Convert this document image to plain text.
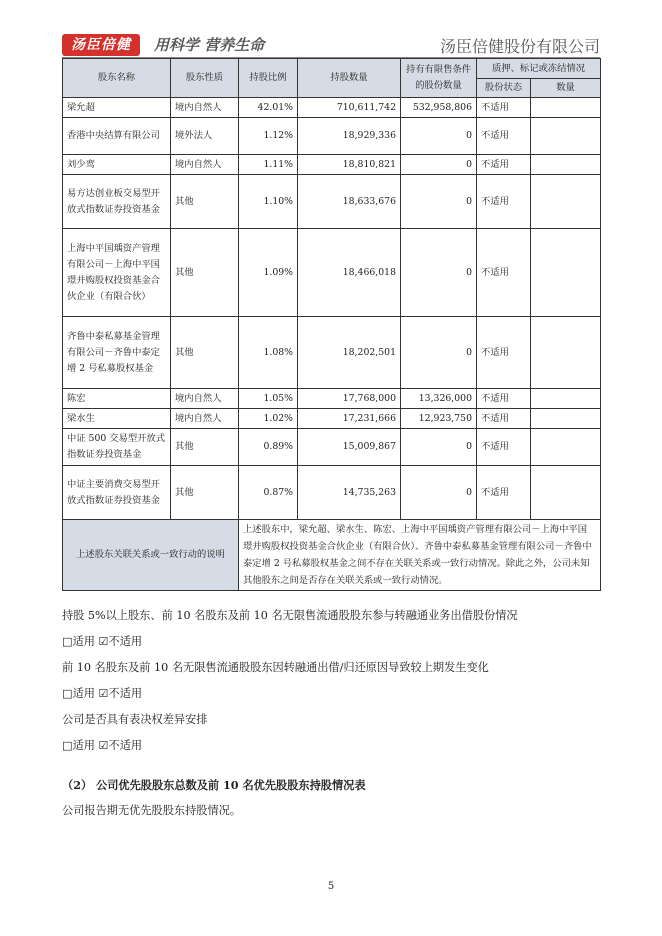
汤臣倍健	用科学 营养生命	汤臣倍健股份有限公司
股东名称	股东性质	持股比例	持股数量	持有有限售条件的股份数量	质押、标记或冻结情况	
					股份状态	数量
梁允超	境内自然人	42.01%	710,611,742	532,958,806	不适用	
香港中央结算有限公司	境外法人	1.12%	18,929,336	0	不适用	
刘少鸾	境内自然人	1.11%	18,810,821	0	不适用	
易方达创业板交易型开放式指数证券投资基金	其他	1.10%	18,633,676	0	不适用	
上海中平国瑀资产管理有限公司－上海中平国璟并购股权投资基金合伙企业（有限合伙）	其他	1.09%	18,466,018	0	不适用	
齐鲁中泰私募基金管理有限公司－齐鲁中泰定增 2 号私募股权基金	其他	1.08%	18,202,501	0	不适用	
陈宏	境内自然人	1.05%	17,768,000	13,326,000	不适用	
梁水生	境内自然人	1.02%	17,231,666	12,923,750	不适用	
中证 500 交易型开放式指数证券投资基金	其他	0.89%	15,009,867	0	不适用	
中证主要消费交易型开放式指数证券投资基金	其他	0.87%	14,735,263	0	不适用	
上述股东关联关系或一致行动的说明		上述股东中，梁允超、梁水生、陈宏、上海中平国瑀资产管理有限公司－上海中平国璟并购股权投资基金合伙企业（有限合伙）、齐鲁中泰私募基金管理有限公司－齐鲁中泰定增 2 号私募股权基金之间不存在关联关系或一致行动情况。除此之外，公司未知其他股东之间是否存在关联关系或一致行动情况。				
持股 5%以上股东、前 10 名股东及前 10 名无限售流通股股东参与转融通业务出借股份情况
□适用 ☑不适用
前 10 名股东及前 10 名无限售流通股股东因转融通出借/归还原因导致较上期发生变化
□适用 ☑不适用
公司是否具有表决权差异安排
□适用 ☑不适用
（2） 公司优先股股东总数及前 10 名优先股股东持股情况表
公司报告期无优先股股东持股情况。
5
